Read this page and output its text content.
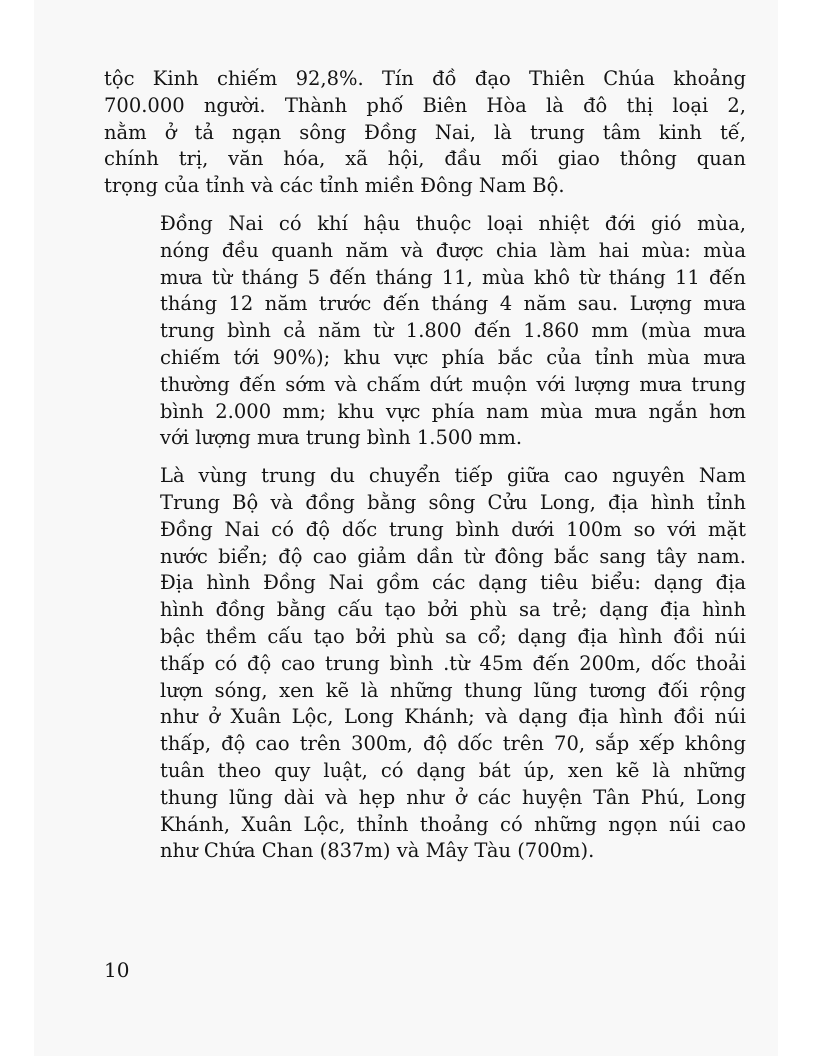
tộc Kinh chiếm 92,8%. Tín đồ đạo Thiên Chúa khoảng
700.000 người. Thành phố Biên Hòa là đô thị loại 2,
nằm ở tả ngạn sông Đồng Nai, là trung tâm kinh tế,
chính trị, văn hóa, xã hội, đầu mối giao thông quan
trọng của tỉnh và các tỉnh miền Đông Nam Bộ.

Đồng Nai có khí hậu thuộc loại nhiệt đới gió mùa,
nóng đều quanh năm và được chia làm hai mùa: mùa
mưa từ tháng 5 đến tháng 11, mùa khô từ tháng 11 đến
tháng 12 năm trước đến tháng 4 năm sau. Lượng mưa
trung bình cả năm từ 1.800 đến 1.860 mm (mùa mưa
chiếm tới 90%); khu vực phía bắc của tỉnh mùa mưa
thường đến sớm và chấm dứt muộn với lượng mưa trung
bình 2.000 mm; khu vực phía nam mùa mưa ngắn hơn
với lượng mưa trung bình 1.500 mm.

Là vùng trung du chuyển tiếp giữa cao nguyên Nam
Trung Bộ và đồng bằng sông Cửu Long, địa hình tỉnh
Đồng Nai có độ dốc trung bình dưới 100m so với mặt
nước biển; độ cao giảm dần từ đông bắc sang tây nam.
Địa hình Đồng Nai gồm các dạng tiêu biểu: dạng địa
hình đồng bằng cấu tạo bởi phù sa trẻ; dạng địa hình
bậc thềm cấu tạo bởi phù sa cổ; dạng địa hình đồi núi
thấp có độ cao trung bình .từ 45m đến 200m, dốc thoải
lượn sóng, xen kẽ là những thung lũng tương đối rộng
như ở Xuân Lộc, Long Khánh; và dạng địa hình đồi núi
thấp, độ cao trên 300m, độ dốc trên 70, sắp xếp không
tuân theo quy luật, có dạng bát úp, xen kẽ là những
thung lũng dài và hẹp như ở các huyện Tân Phú, Long
Khánh, Xuân Lộc, thỉnh thoảng có những ngọn núi cao
như Chứa Chan (837m) và Mây Tàu (700m).

10
